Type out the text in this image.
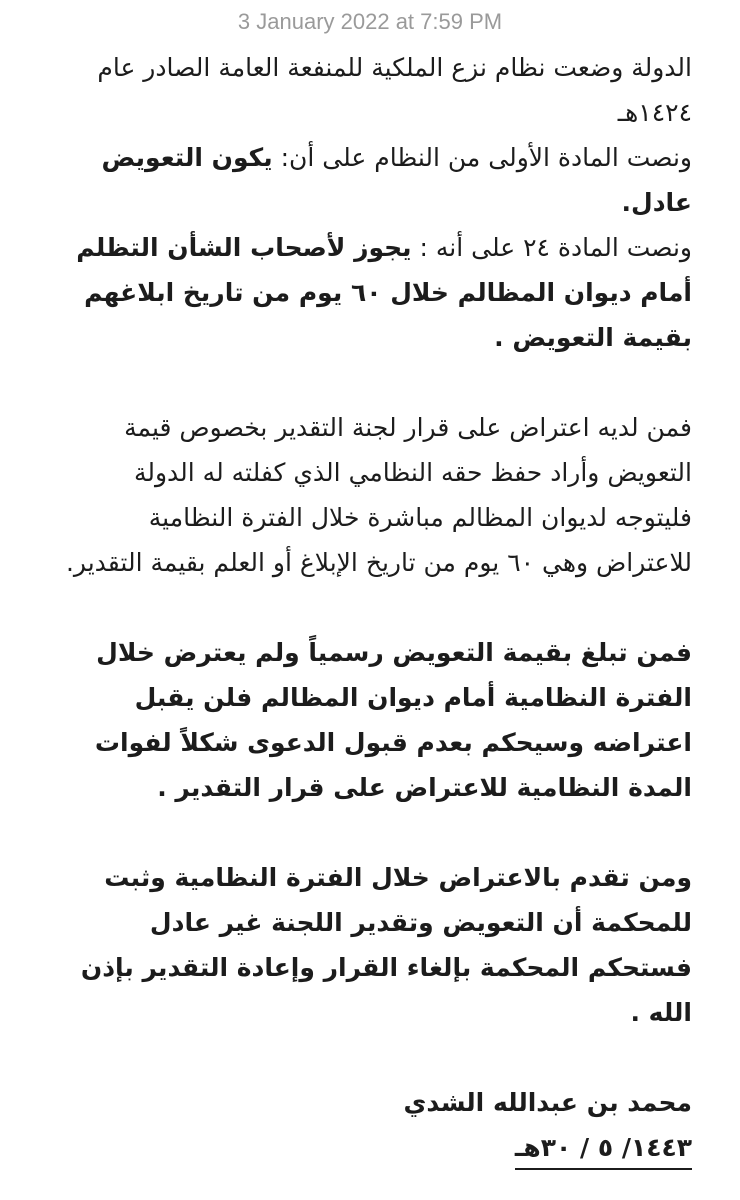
3 January 2022 at 7:59 PM

الدولة وضعت نظام نزع الملكية للمنفعة العامة الصادر عام ١٤٢٤هـ
ونصت المادة الأولى من النظام على أن: يكون التعويض عادل.
ونصت المادة ٢٤ على أنه : يجوز لأصحاب الشأن التظلم أمام ديوان المظالم خلال ٦٠ يوم من تاريخ ابلاغهم بقيمة التعويض .

فمن لديه اعتراض على قرار لجنة التقدير بخصوص قيمة التعويض وأراد حفظ حقه النظامي الذي كفلته له الدولة فليتوجه لديوان المظالم مباشرة خلال الفترة النظامية للاعتراض وهي ٦٠ يوم من تاريخ الإبلاغ أو العلم بقيمة التقدير.

فمن تبلغ بقيمة التعويض رسمياً ولم يعترض خلال الفترة النظامية أمام ديوان المظالم فلن يقبل اعتراضه وسيحكم بعدم قبول الدعوى شكلاً لفوات المدة النظامية للاعتراض على قرار التقدير .

ومن تقدم بالاعتراض خلال الفترة النظامية وثبت للمحكمة أن التعويض وتقدير اللجنة غير عادل فستحكم المحكمة بإلغاء القرار وإعادة التقدير بإذن الله .

محمد بن عبدالله الشدي

١٤٤٣/ ٥ / ٣٠هـ
